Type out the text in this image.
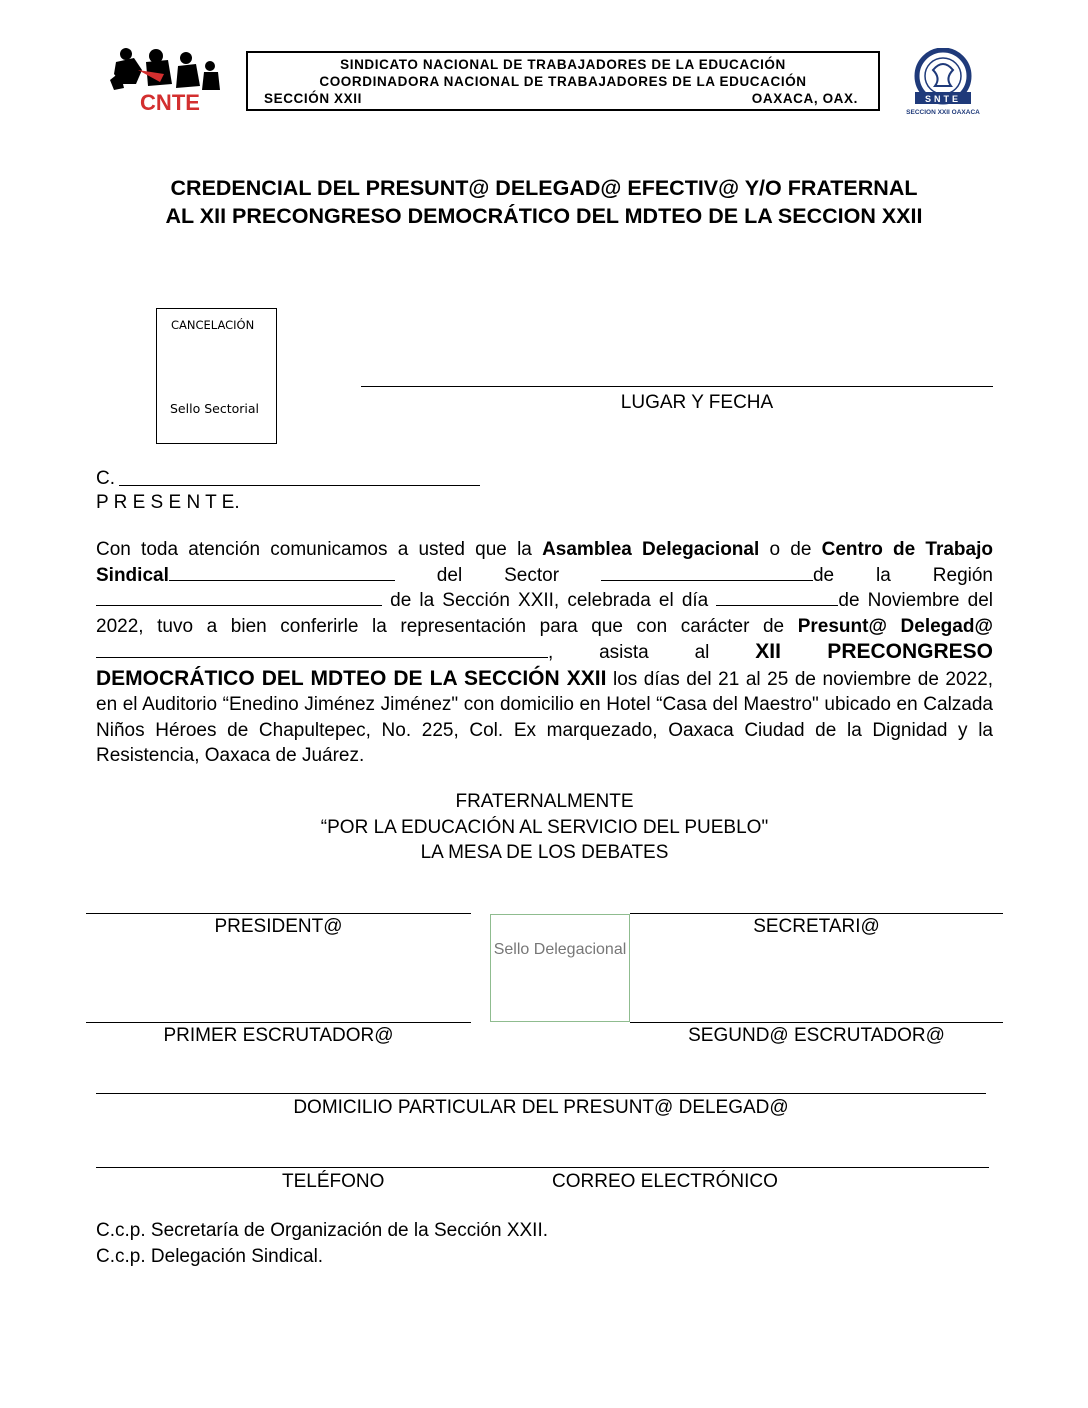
CNTE
SINDICATO NACIONAL DE TRABAJADORES DE LA EDUCACIÓN
COORDINADORA NACIONAL DE TRABAJADORES DE LA EDUCACIÓN
SECCIÓN XXII	OAXACA, OAX.	SNTE
SECCION XXII OAXACA
CREDENCIAL DEL PRESUNT@ DELEGAD@ EFECTIV@ Y/O FRATERNAL
AL XII PRECONGRESO DEMOCRÁTICO DEL MDTEO DE LA SECCION XXII
CANCELACIÓN
Sello Sectorial	LUGAR Y FECHA
C.
P R E S E N T E.
Con toda atención comunicamos a usted que la Asamblea Delegacional o de Centro de Trabajo Sindical	del Sector	de la Región  de la Sección XXII, celebrada el día	de Noviembre del 2022, tuvo a bien conferirle la representación para que con carácter de Presunt@ Delegad@ , asista al XII PRECONGRESO DEMOCRÁTICO DEL MDTEO DE LA SECCIÓN XXII los días del 21 al 25 de noviembre de 2022, en el Auditorio “Enedino Jiménez Jiménez" con domicilio en Hotel “Casa del Maestro" ubicado en Calzada Niños Héroes de Chapultepec, No. 225, Col. Ex marquezado, Oaxaca Ciudad de la Dignidad y la Resistencia, Oaxaca de Juárez.
FRATERNALMENTE
“POR LA EDUCACIÓN AL SERVICIO DEL PUEBLO"
LA MESA DE LOS DEBATES
PRESIDENT@	SECRETARI@
Sello Delegacional
PRIMER ESCRUTADOR@	SEGUND@ ESCRUTADOR@
DOMICILIO PARTICULAR DEL PRESUNT@ DELEGAD@
TELÉFONO	CORREO ELECTRÓNICO
C.c.p. Secretaría de Organización de la Sección XXII.
C.c.p. Delegación Sindical.
